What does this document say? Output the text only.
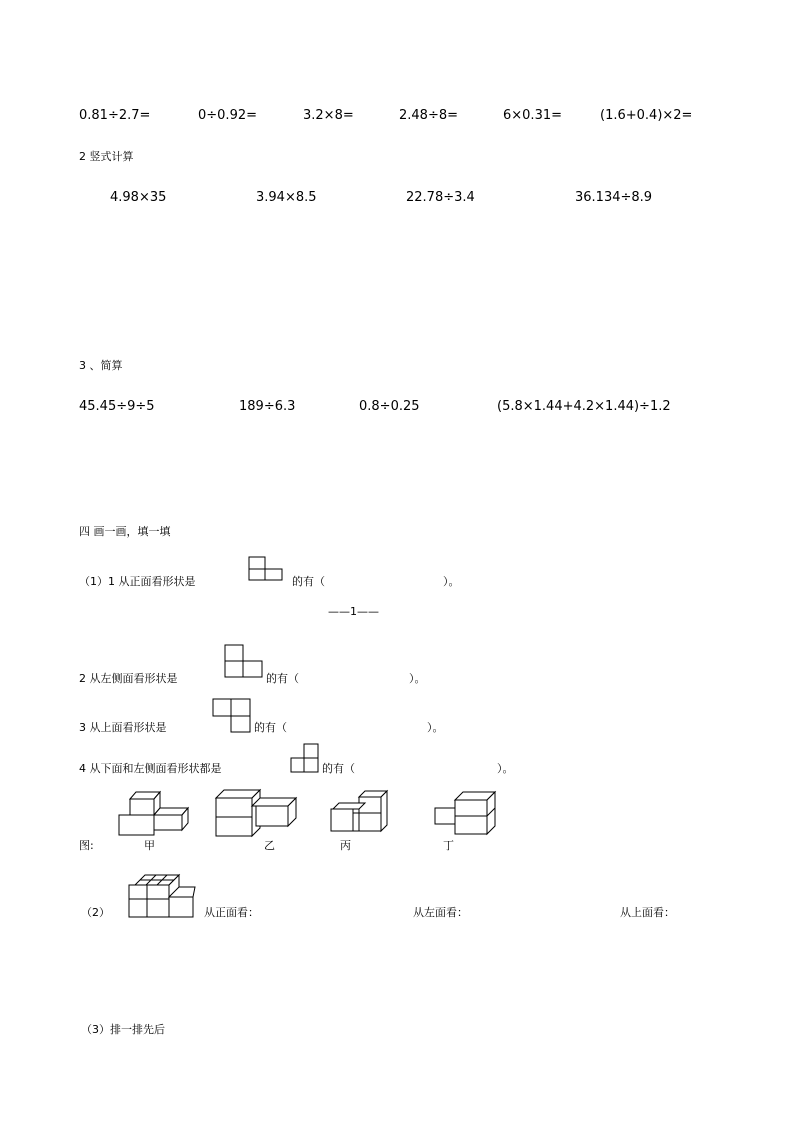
0.81÷2.7=	0÷0.92=	3.2×8=	2.48÷8=	6×0.31=	(1.6+0.4)×2=
2 竖式计算
4.98×35	3.94×8.5	22.78÷3.4	36.134÷8.9
3 、简算
45.45÷9÷5	189÷6.3	0.8÷0.25	(5.8×1.44+4.2×1.44)÷1.2
四 画一画，填一填
（1）1 从正面看形状是	的有（	）。
——1——
2 从左侧面看形状是	的有（	）。
3 从上面看形状是	的有（	）。
4 从下面和左侧面看形状都是	的有（	）。
图:	甲	乙	丙	丁
（2）	从正面看：	从左面看：	从上面看：
（3）排一排先后
